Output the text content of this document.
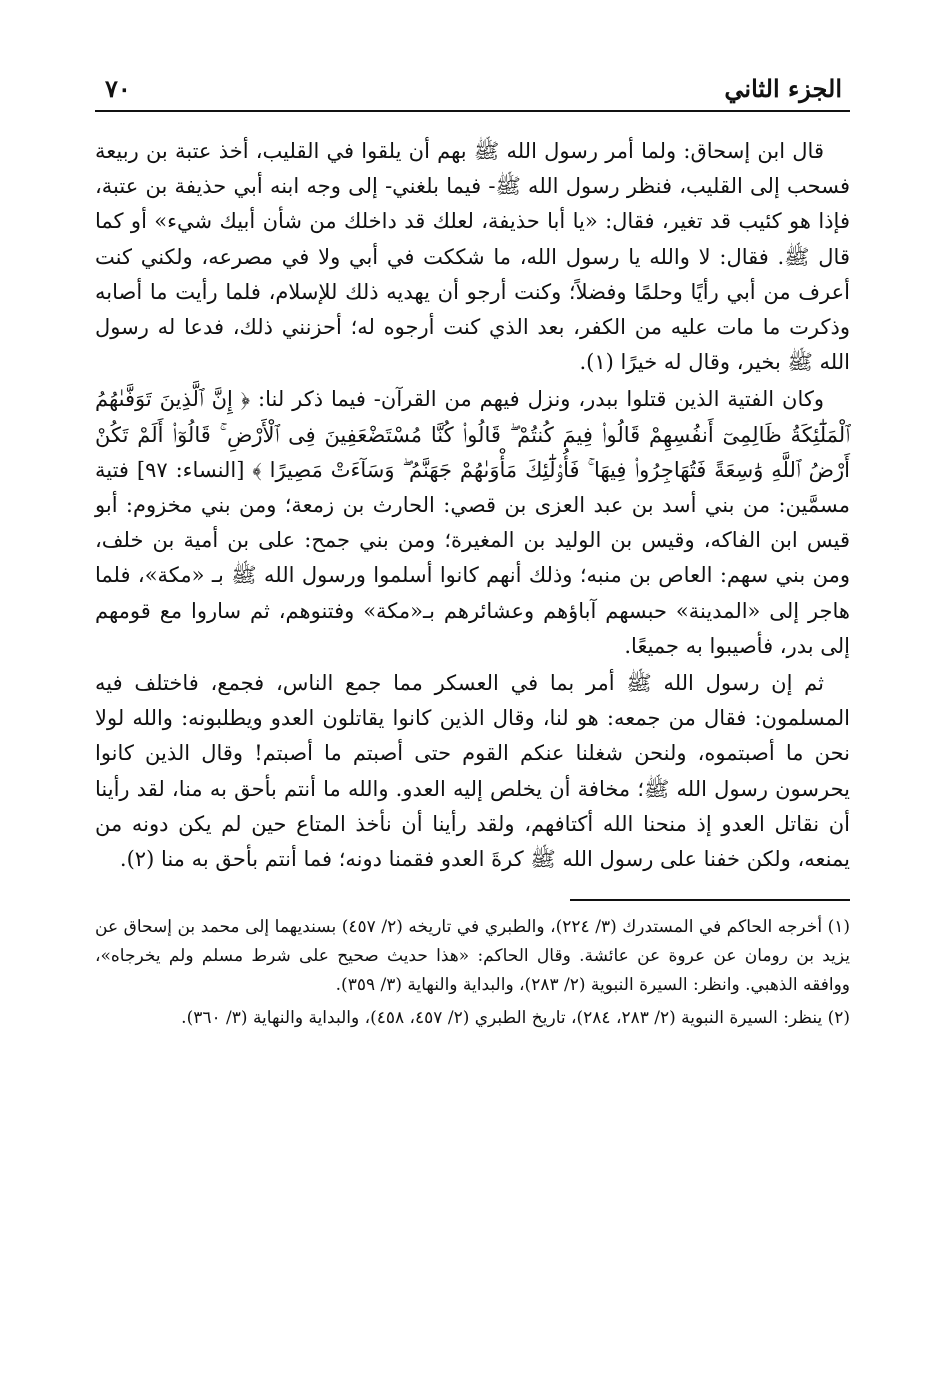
الجزء الثاني
٧٠

قال ابن إسحاق: ولما أمر رسول الله ﷺ بهم أن يلقوا في القليب، أخذ عتبة بن ربيعة فسحب إلى القليب، فنظر رسول الله ﷺ- فيما بلغني- إلى وجه ابنه أبي حذيفة بن عتبة، فإذا هو كئيب قد تغير، فقال: «يا أبا حذيفة، لعلك قد داخلك من شأن أبيك شيء» أو كما قال ﷺ. فقال: لا والله يا رسول الله، ما شككت في أبي ولا في مصرعه، ولكني كنت أعرف من أبي رأيًا وحلمًا وفضلاً؛ وكنت أرجو أن يهديه ذلك للإسلام، فلما رأيت ما أصابه وذكرت ما مات عليه من الكفر، بعد الذي كنت أرجوه له؛ أحزنني ذلك، فدعا له رسول الله ﷺ بخير، وقال له خيرًا (١).

وكان الفتية الذين قتلوا ببدر، ونزل فيهم من القرآن- فيما ذكر لنا: ﴿ إِنَّ ٱلَّذِينَ تَوَفَّىٰهُمُ ٱلْمَلَٰٓئِكَةُ ظَالِمِىٓ أَنفُسِهِمْ قَالُوا۟ فِيمَ كُنتُمْ ۖ قَالُوا۟ كُنَّا مُسْتَضْعَفِينَ فِى ٱلْأَرْضِ ۚ قَالُوٓا۟ أَلَمْ تَكُنْ أَرْضُ ٱللَّهِ وَٰسِعَةً فَتُهَاجِرُوا۟ فِيهَا ۚ فَأُو۟لَٰٓئِكَ مَأْوَىٰهُمْ جَهَنَّمُ ۖ وَسَآءَتْ مَصِيرًا ﴾ [النساء: ٩٧] فتية مسمَّين: من بني أسد بن عبد العزى بن قصي: الحارث بن زمعة؛ ومن بني مخزوم: أبو قيس ابن الفاكه، وقيس بن الوليد بن المغيرة؛ ومن بني جمح: على بن أمية بن خلف، ومن بني سهم: العاص بن منبه؛ وذلك أنهم كانوا أسلموا ورسول الله ﷺ بـ «مكة»، فلما هاجر إلى «المدينة» حبسهم آباؤهم وعشائرهم بـ«مكة» وفتنوهم، ثم ساروا مع قومهم إلى بدر، فأصيبوا به جميعًا.

ثم إن رسول الله ﷺ أمر بما في العسكر مما جمع الناس، فجمع، فاختلف فيه المسلمون: فقال من جمعه: هو لنا، وقال الذين كانوا يقاتلون العدو ويطلبونه: والله لولا نحن ما أصبتموه، ولنحن شغلنا عنكم القوم حتى أصبتم ما أصبتم! وقال الذين كانوا يحرسون رسول الله ﷺ؛ مخافة أن يخلص إليه العدو. والله ما أنتم بأحق به منا، لقد رأينا أن نقاتل العدو إذ منحنا الله أكتافهم، ولقد رأينا أن نأخذ المتاع حين لم يكن دونه من يمنعه، ولكن خفنا على رسول الله ﷺ كرةَ العدو فقمنا دونه؛ فما أنتم بأحق به منا (٢).

(١) أخرجه الحاكم في المستدرك (٣/ ٢٢٤)، والطبري في تاريخه (٢/ ٤٥٧) بسنديهما إلى محمد بن إسحاق عن يزيد بن رومان عن عروة عن عائشة. وقال الحاكم: «هذا حديث صحيح على شرط مسلم ولم يخرجاه»، ووافقه الذهبي. وانظر: السيرة النبوية (٢/ ٢٨٣)، والبداية والنهاية (٣/ ٣٥٩).

(٢) ينظر: السيرة النبوية (٢/ ٢٨٣، ٢٨٤)، تاريخ الطبري (٢/ ٤٥٧، ٤٥٨)، والبداية والنهاية (٣/ ٣٦٠).
